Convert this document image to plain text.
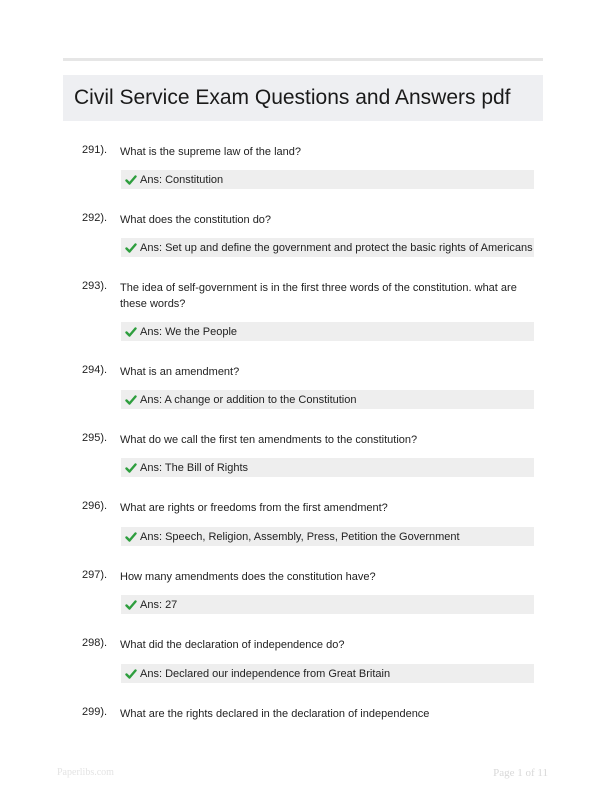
Civil Service Exam Questions and Answers pdf
291). What is the supreme law of the land?
Ans: Constitution
292). What does the constitution do?
Ans: Set up and define the government and protect the basic rights of Americans
293). The idea of self-government is in the first three words of the constitution. what are these words?
Ans: We the People
294). What is an amendment?
Ans: A change or addition to the Constitution
295). What do we call the first ten amendments to the constitution?
Ans: The Bill of Rights
296). What are rights or freedoms from the first amendment?
Ans: Speech, Religion, Assembly, Press, Petition the Government
297). How many amendments does the constitution have?
Ans: 27
298). What did the declaration of independence do?
Ans: Declared our independence from Great Britain
299). What are the rights declared in the declaration of independence
Paperlibs.com	Page 1 of 11
